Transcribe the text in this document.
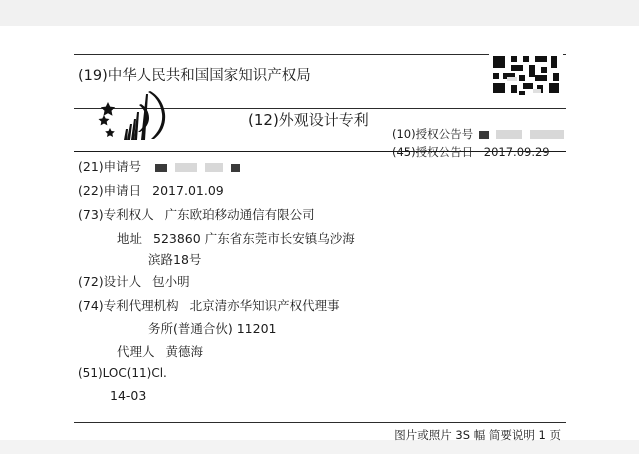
(19)中华人民共和国国家知识产权局
(12)外观设计专利
(10)授权公告号
(45)授权公告日 2017.09.29
(21)申请号
(22)申请日 2017.01.09
(73)专利权人 广东欧珀移动通信有限公司
地址 523860 广东省东莞市长安镇乌沙海
滨路18号
(72)设计人 包小明
(74)专利代理机构 北京清亦华知识产权代理事
务所(普通合伙) 11201
代理人 黄德海
(51)LOC(11)Cl.
14-03
图片或照片 3S 幅 简要说明 1 页
